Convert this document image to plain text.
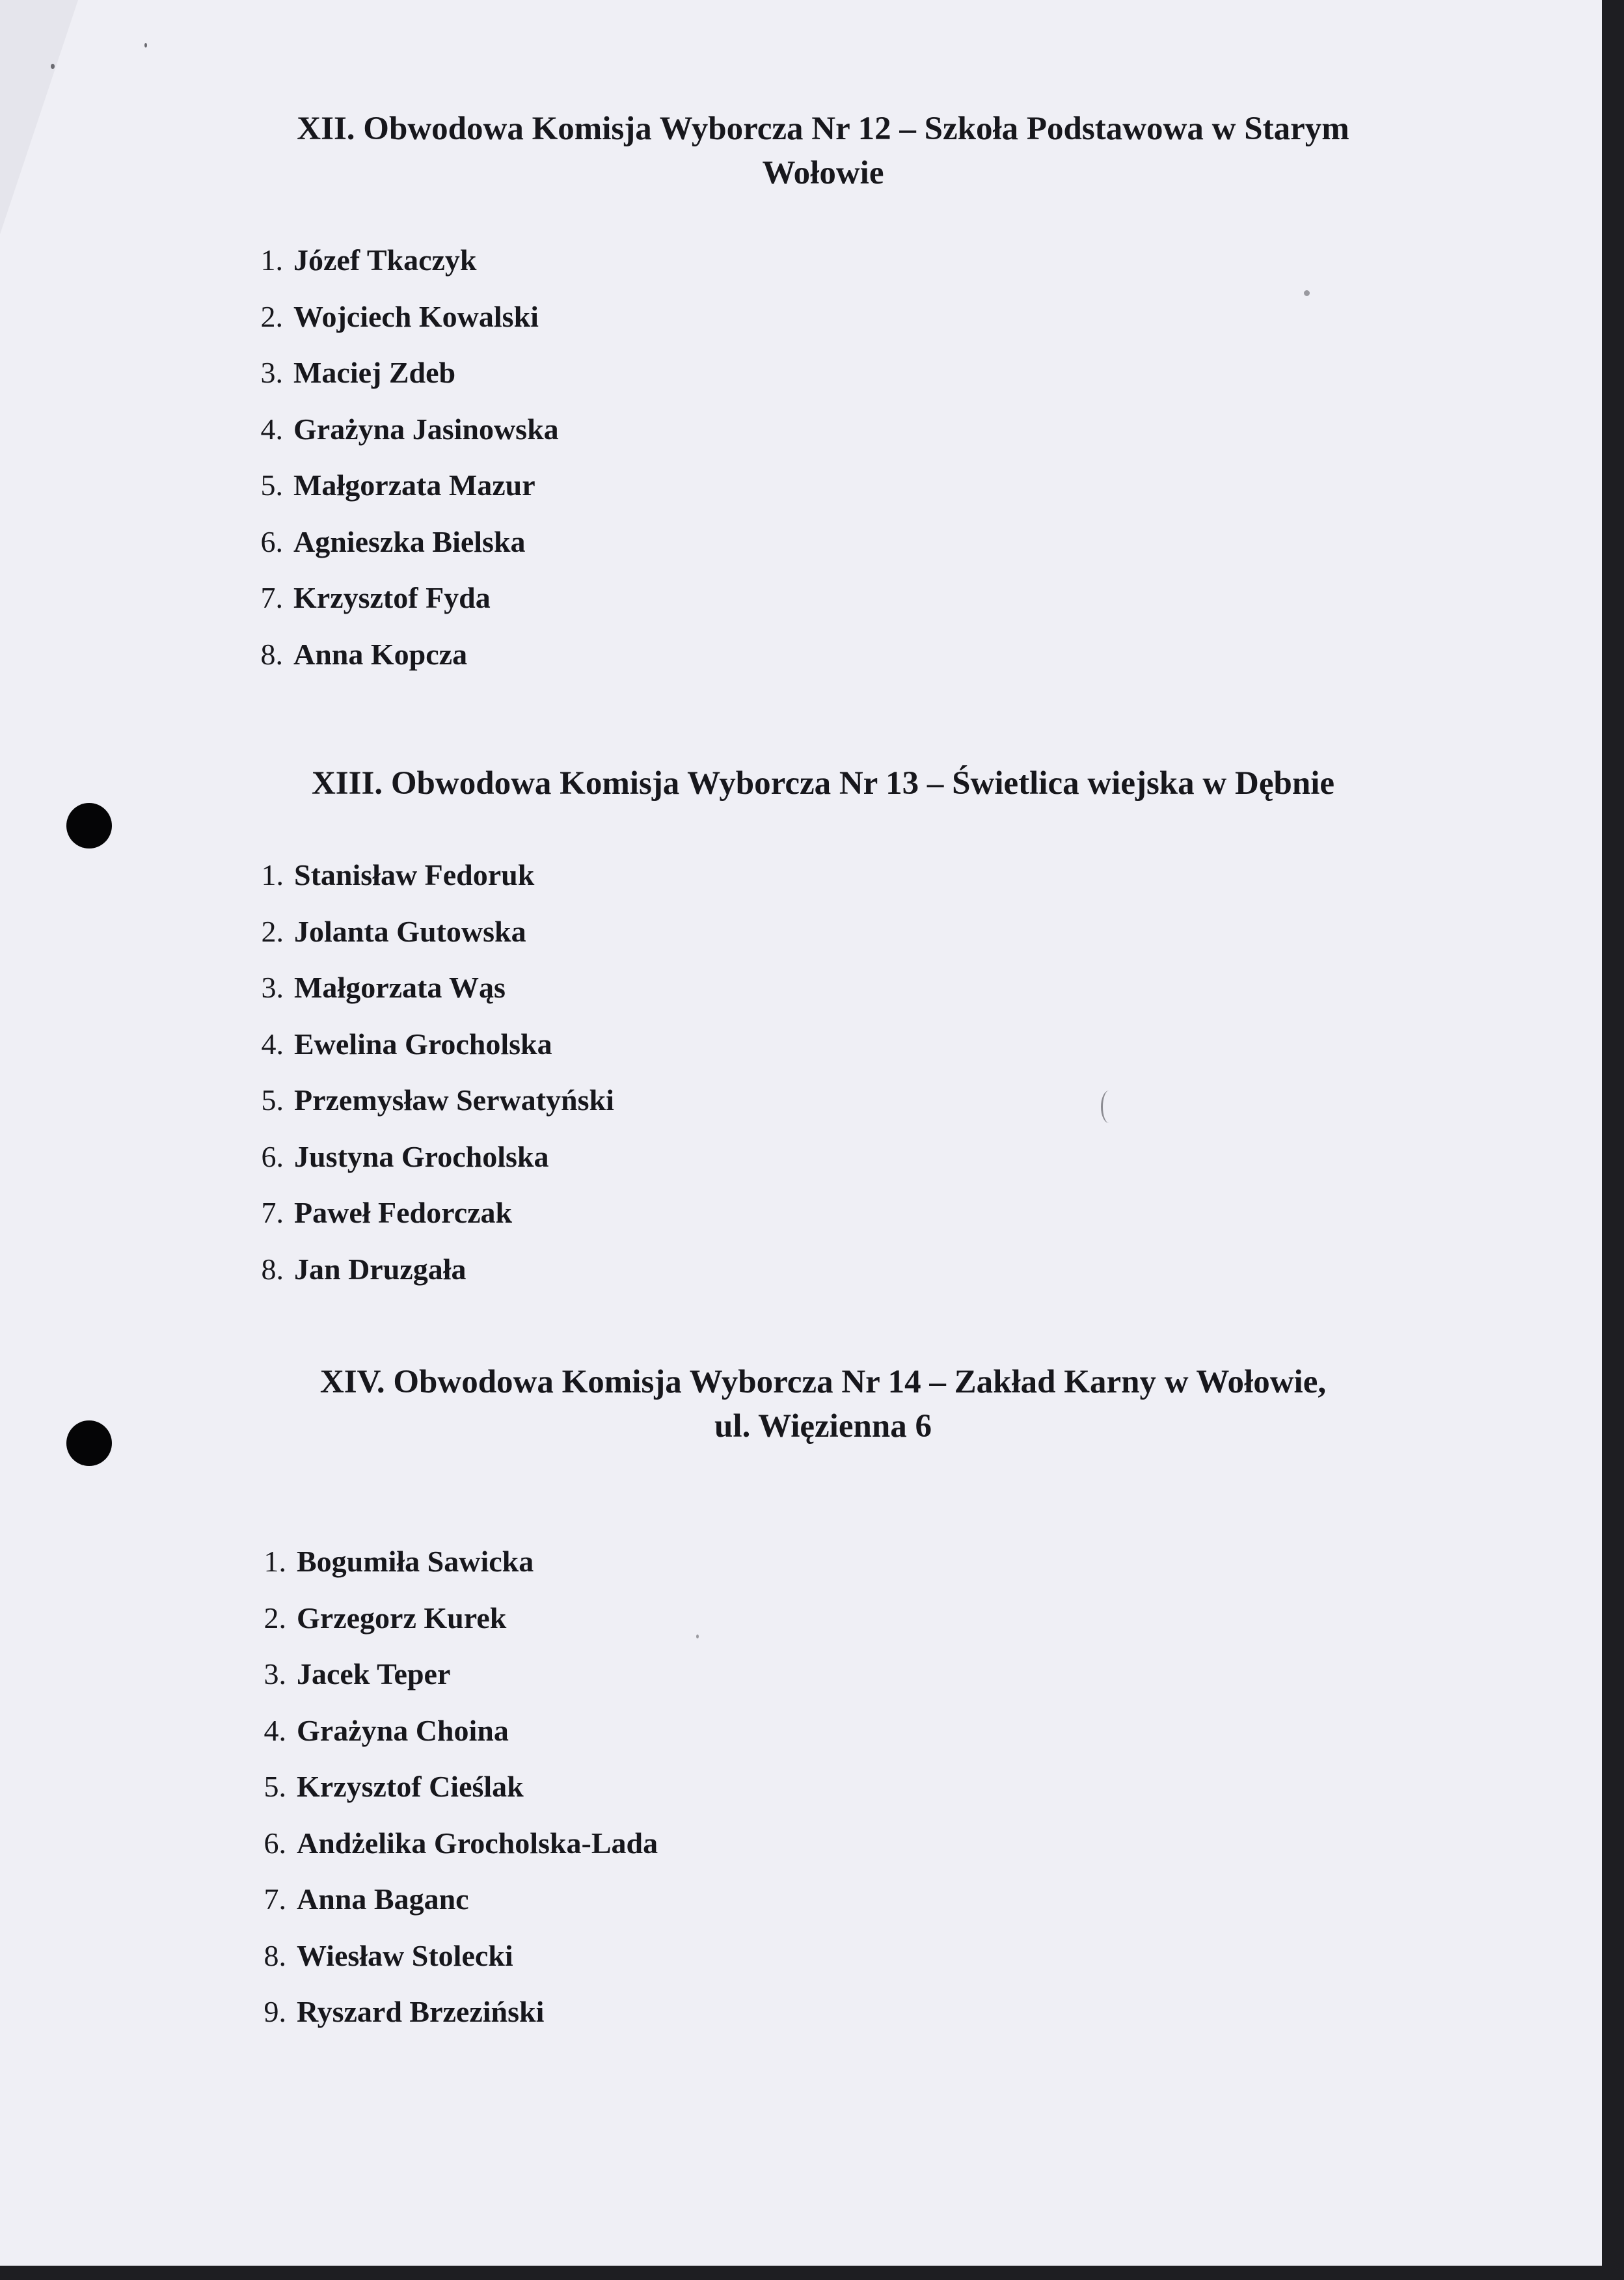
XII. Obwodowa Komisja Wyborcza Nr 12 – Szkoła Podstawowa w Starym
Wołowie
1. Józef Tkaczyk
2. Wojciech Kowalski
3. Maciej Zdeb
4. Grażyna Jasinowska
5. Małgorzata Mazur
6. Agnieszka Bielska
7. Krzysztof Fyda
8. Anna Kopcza
XIII. Obwodowa Komisja Wyborcza Nr 13 – Świetlica wiejska w Dębnie
1. Stanisław Fedoruk
2. Jolanta Gutowska
3. Małgorzata Wąs
4. Ewelina Grocholska
5. Przemysław Serwatyński
6. Justyna Grocholska
7. Paweł Fedorczak
8. Jan Druzgała
XIV. Obwodowa Komisja Wyborcza Nr 14 – Zakład Karny w Wołowie,
ul. Więzienna 6
1. Bogumiła Sawicka
2. Grzegorz Kurek
3. Jacek Teper
4. Grażyna Choina
5. Krzysztof Cieślak
6. Andżelika Grocholska-Lada
7. Anna Baganc
8. Wiesław Stolecki
9. Ryszard Brzeziński
